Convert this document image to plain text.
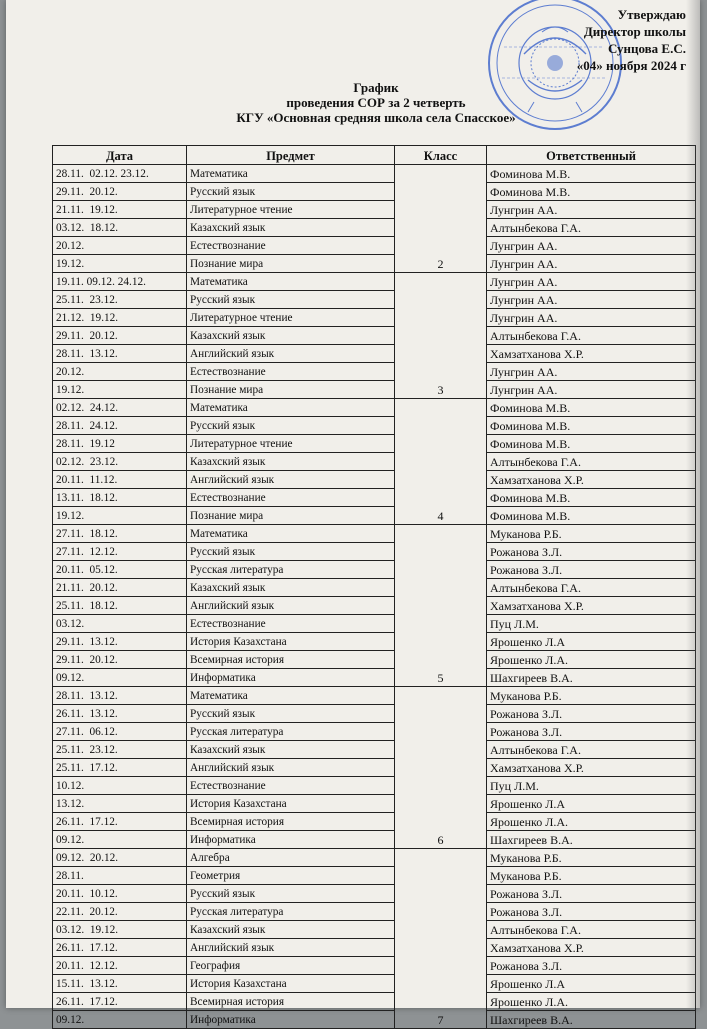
Утверждаю
Директор школы
Сунцова Е.С.
«04» ноября 2024 г
График
проведения СОР за 2 четверть
КГУ «Основная средняя школа села Спасское»
Дата	Предмет	Класс	Ответственный
28.11.  02.12. 23.12.	Математика	2	Фоминова М.В.
29.11.  20.12.	Русский язык		Фоминова М.В.
21.11.  19.12.	Литературное чтение		Лунгрин АА.
03.12.  18.12.	Казахский язык		Алтынбекова Г.А.
20.12.	Естествознание		Лунгрин АА.
19.12.	Познание мира		Лунгрин АА.
19.11. 09.12. 24.12.	Математика	3	Лунгрин АА.
25.11.  23.12.	Русский язык		Лунгрин АА.
21.12.  19.12.	Литературное чтение		Лунгрин АА.
29.11.  20.12.	Казахский язык		Алтынбекова Г.А.
28.11.  13.12.	Английский язык		Хамзатханова Х.Р.
20.12.	Естествознание		Лунгрин АА.
19.12.	Познание мира		Лунгрин АА.
02.12.  24.12.	Математика	4	Фоминова М.В.
28.11.  24.12.	Русский язык		Фоминова М.В.
28.11.  19.12	Литературное чтение		Фоминова М.В.
02.12.  23.12.	Казахский язык		Алтынбекова Г.А.
20.11.  11.12.	Английский язык		Хамзатханова Х.Р.
13.11.  18.12.	Естествознание		Фоминова М.В.
19.12.	Познание мира		Фоминова М.В.
27.11.  18.12.	Математика	5	Муканова Р.Б.
27.11.  12.12.	Русский язык		Рожанова З.Л.
20.11.  05.12.	Русская литература		Рожанова З.Л.
21.11.  20.12.	Казахский язык		Алтынбекова Г.А.
25.11.  18.12.	Английский язык		Хамзатханова Х.Р.
03.12.	Естествознание		Пуц Л.М.
29.11.  13.12.	История Казахстана		Ярошенко Л.А
29.11.  20.12.	Всемирная история		Ярошенко Л.А.
09.12.	Информатика		Шахгиреев В.А.
28.11.  13.12.	Математика	6	Муканова Р.Б.
26.11.  13.12.	Русский язык		Рожанова З.Л.
27.11.  06.12.	Русская литература		Рожанова З.Л.
25.11.  23.12.	Казахский язык		Алтынбекова Г.А.
25.11.  17.12.	Английский язык		Хамзатханова Х.Р.
10.12.	Естествознание		Пуц Л.М.
13.12.	История Казахстана		Ярошенко Л.А
26.11.  17.12.	Всемирная история		Ярошенко Л.А.
09.12.	Информатика		Шахгиреев В.А.
09.12.  20.12.	Алгебра	7	Муканова Р.Б.
28.11.	Геометрия		Муканова Р.Б.
20.11.  10.12.	Русский язык		Рожанова З.Л.
22.11.  20.12.	Русская литература		Рожанова З.Л.
03.12.  19.12.	Казахский язык		Алтынбекова Г.А.
26.11.  17.12.	Английский язык		Хамзатханова Х.Р.
20.11.  12.12.	География		Рожанова З.Л.
15.11.  13.12.	История Казахстана		Ярошенко Л.А
26.11.  17.12.	Всемирная история		Ярошенко Л.А.
09.12.	Информатика		Шахгиреев В.А.
